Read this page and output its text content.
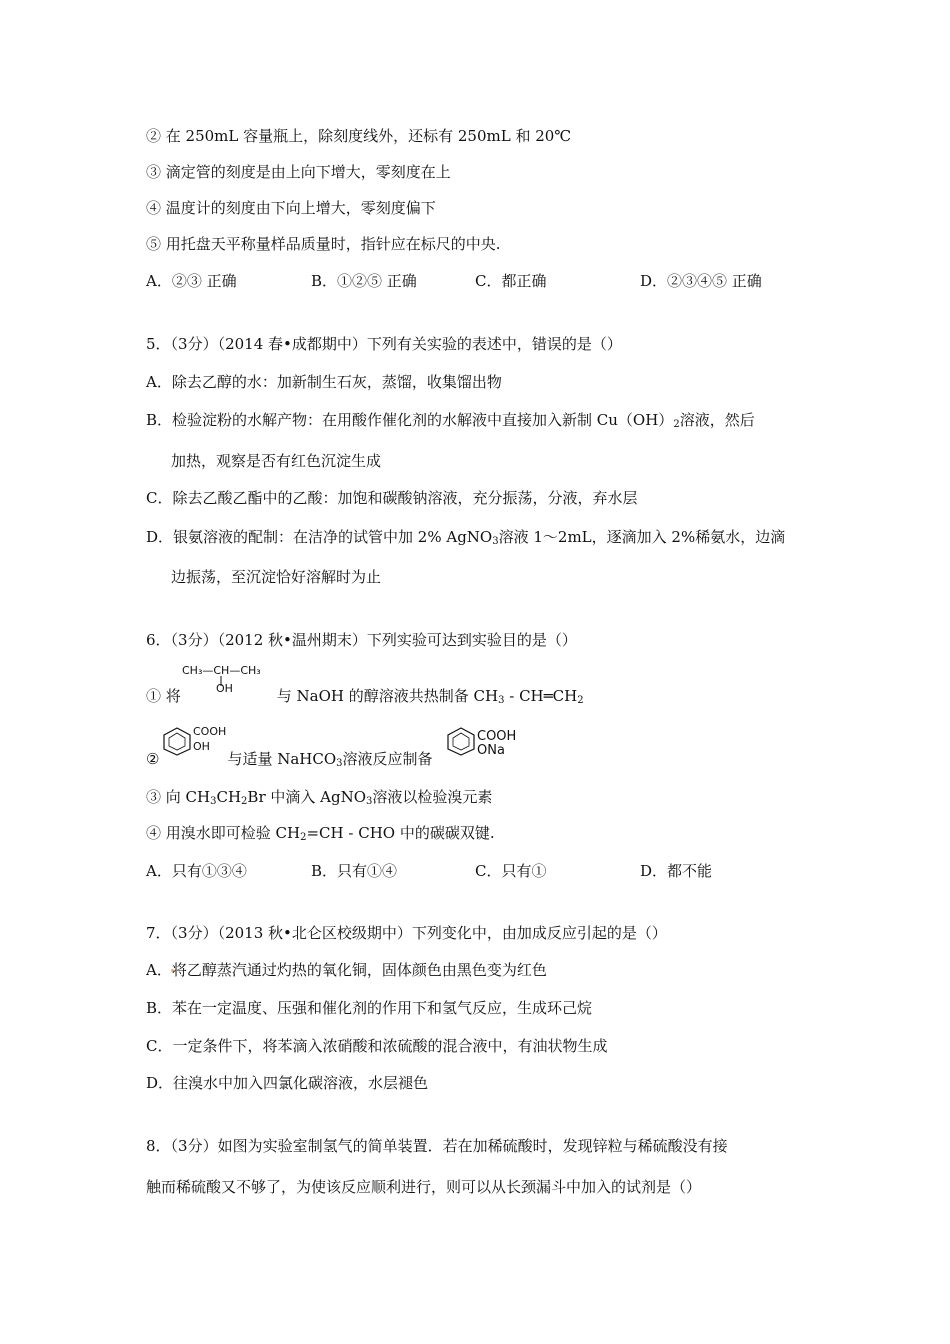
② 在 250mL 容量瓶上，除刻度线外，还标有 250mL 和 20℃
③ 滴定管的刻度是由上向下增大，零刻度在上
④ 温度计的刻度由下向上增大，零刻度偏下
⑤ 用托盘天平称量样品质量时，指针应在标尺的中央.
A．②③ 正确	B．①②⑤ 正确	C．都正确	D．②③④⑤ 正确
5．（3分）（2014 春•成都期中）下列有关实验的表述中，错误的是（）
A．除去乙醇的水：加新制生石灰，蒸馏，收集馏出物
B．检验淀粉的水解产物：在用酸作催化剂的水解液中直接加入新制 $Cu(OH)_2$溶液，然后
加热，观察是否有红色沉淀生成
C．除去乙酸乙酯中的乙酸：加饱和碳酸钠溶液，充分振荡，分液，弃水层
D．银氨溶液的配制：在洁净的试管中加 2% AgNO$_3$溶液 1～2mL，逐滴加入 2%稀氨水，边滴
边振荡，至沉淀恰好溶解时为止
6．（3分）（2012 秋•温州期末）下列实验可达到实验目的是（）
CH₃—CH—CH₃
OH
① 将	与 NaOH 的醇溶液共热制备 $CH_3$ - $CH═CH_2$
COOH
OH
COOH
ONa
②	与适量 NaHCO$_3$溶液反应制备
③ 向 $CH_3CH_2Br$ 中滴入 AgNO$_3$溶液以检验溴元素
④ 用溴水即可检验 $CH_2=CH$ - CHO 中的碳碳双键.
A．只有①③④	B．只有①④	C．只有①	D．都不能
7．（3分）（2013 秋•北仑区校级期中）下列变化中，由加成反应引起的是（）
A．将乙醇蒸汽通过灼热的氧化铜，固体颜色由黑色变为红色
B．苯在一定温度、压强和催化剂的作用下和氢气反应，生成环己烷
C．一定条件下，将苯滴入浓硝酸和浓硫酸的混合液中，有油状物生成
D．往溴水中加入四氯化碳溶液，水层褪色
8．（3分）如图为实验室制氢气的简单装置．若在加稀硫酸时，发现锌粒与稀硫酸没有接
触而稀硫酸又不够了，为使该反应顺利进行，则可以从长颈漏斗中加入的试剂是（）
